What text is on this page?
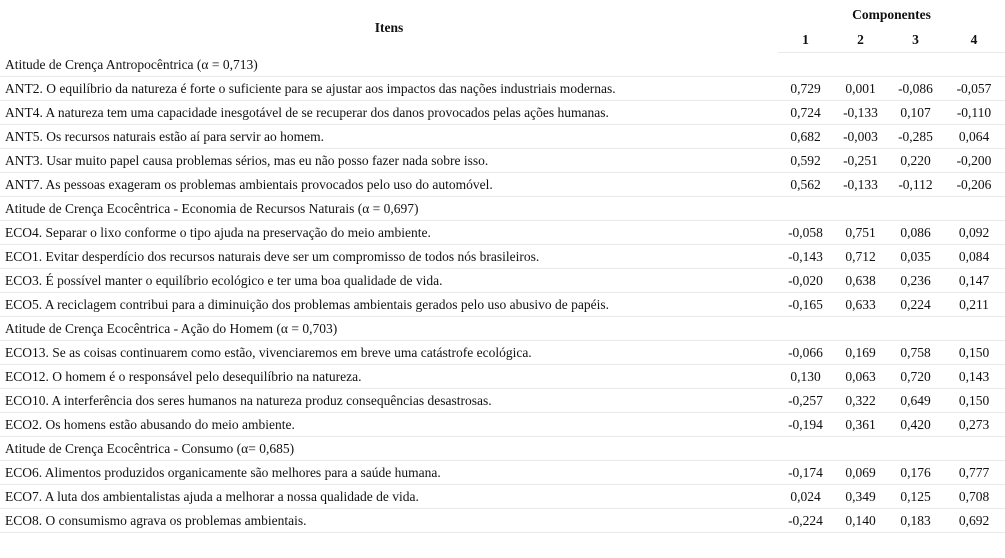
Itens	Componentes			
	1	2	3	4
Atitude de Crença Antropocêntrica (α = 0,713)				
ANT2. O equilíbrio da natureza é forte o suficiente para se ajustar aos impactos das nações industriais modernas.	0,729	0,001	-0,086	-0,057
ANT4. A natureza tem uma capacidade inesgotável de se recuperar dos danos provocados pelas ações humanas.	0,724	-0,133	0,107	-0,110
ANT5. Os recursos naturais estão aí para servir ao homem.	0,682	-0,003	-0,285	0,064
ANT3. Usar muito papel causa problemas sérios, mas eu não posso fazer nada sobre isso.	0,592	-0,251	0,220	-0,200
ANT7. As pessoas exageram os problemas ambientais provocados pelo uso do automóvel.	0,562	-0,133	-0,112	-0,206
Atitude de Crença Ecocêntrica - Economia de Recursos Naturais (α = 0,697)				
ECO4. Separar o lixo conforme o tipo ajuda na preservação do meio ambiente.	-0,058	0,751	0,086	0,092
ECO1. Evitar desperdício dos recursos naturais deve ser um compromisso de todos nós brasileiros.	-0,143	0,712	0,035	0,084
ECO3. É possível manter o equilíbrio ecológico e ter uma boa qualidade de vida.	-0,020	0,638	0,236	0,147
ECO5. A reciclagem contribui para a diminuição dos problemas ambientais gerados pelo uso abusivo de papéis.	-0,165	0,633	0,224	0,211
Atitude de Crença Ecocêntrica - Ação do Homem (α = 0,703)				
ECO13. Se as coisas continuarem como estão, vivenciaremos em breve uma catástrofe ecológica.	-0,066	0,169	0,758	0,150
ECO12. O homem é o responsável pelo desequilíbrio na natureza.	0,130	0,063	0,720	0,143
ECO10. A interferência dos seres humanos na natureza produz consequências desastrosas.	-0,257	0,322	0,649	0,150
ECO2. Os homens estão abusando do meio ambiente.	-0,194	0,361	0,420	0,273
Atitude de Crença Ecocêntrica - Consumo (α= 0,685)				
ECO6. Alimentos produzidos organicamente são melhores para a saúde humana.	-0,174	0,069	0,176	0,777
ECO7. A luta dos ambientalistas ajuda a melhorar a nossa qualidade de vida.	0,024	0,349	0,125	0,708
ECO8. O consumismo agrava os problemas ambientais.	-0,224	0,140	0,183	0,692
